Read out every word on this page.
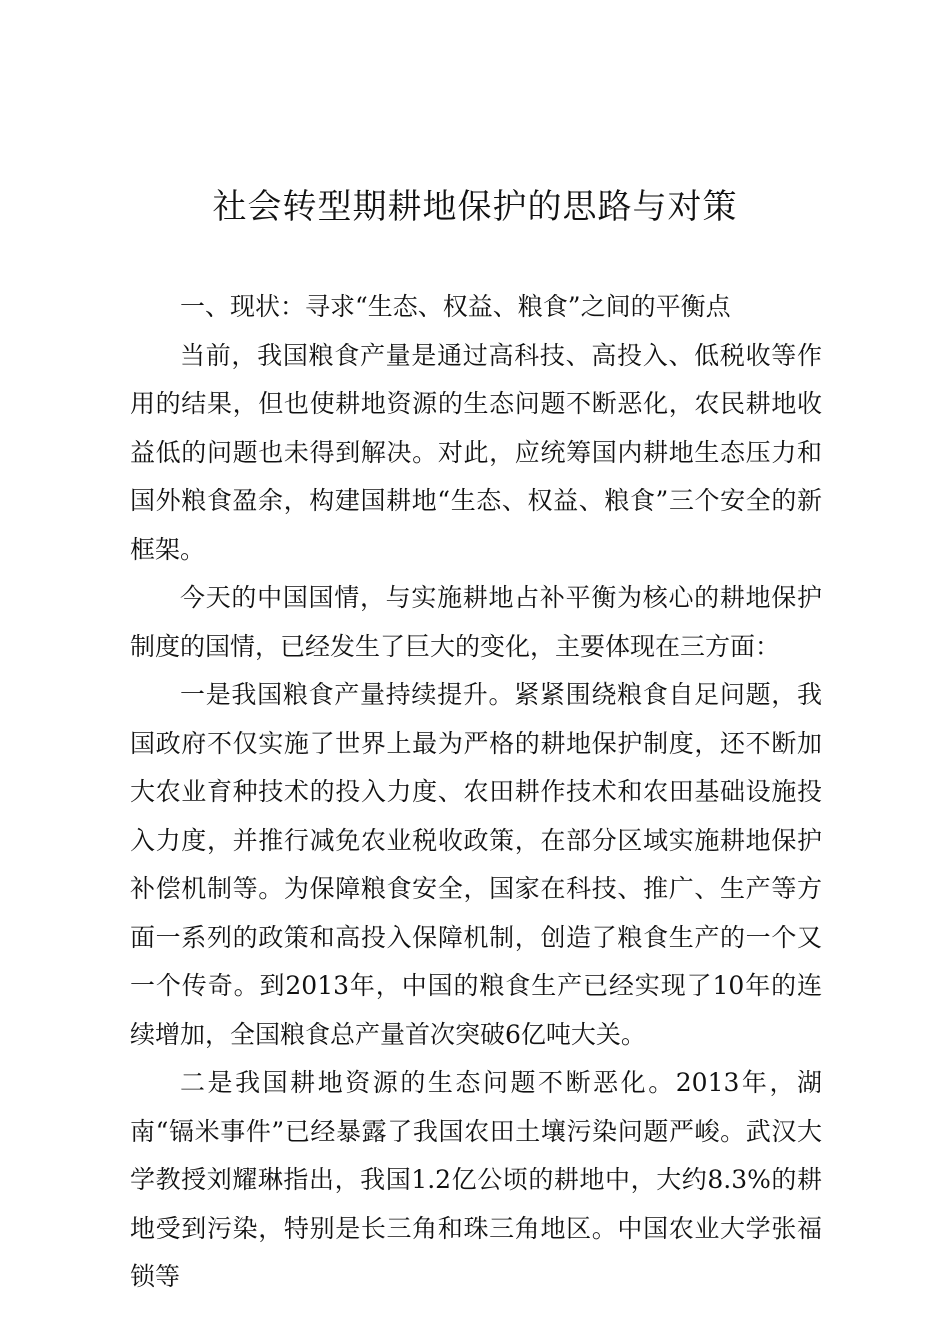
社会转型期耕地保护的思路与对策

一、现状：寻求“生态、权益、粮食”之间的平衡点

当前，我国粮食产量是通过高科技、高投入、低税收等作用的结果，但也使耕地资源的生态问题不断恶化，农民耕地收益低的问题也未得到解决。对此，应统筹国内耕地生态压力和国外粮食盈余，构建国耕地“生态、权益、粮食”三个安全的新框架。

今天的中国国情，与实施耕地占补平衡为核心的耕地保护制度的国情，已经发生了巨大的变化，主要体现在三方面：

一是我国粮食产量持续提升。紧紧围绕粮食自足问题，我国政府不仅实施了世界上最为严格的耕地保护制度，还不断加大农业育种技术的投入力度、农田耕作技术和农田基础设施投入力度，并推行减免农业税收政策，在部分区域实施耕地保护补偿机制等。为保障粮食安全，国家在科技、推广、生产等方面一系列的政策和高投入保障机制，创造了粮食生产的一个又一个传奇。到2013年，中国的粮食生产已经实现了10年的连续增加，全国粮食总产量首次突破6亿吨大关。

二是我国耕地资源的生态问题不断恶化。2013年，湖南“镉米事件”已经暴露了我国农田土壤污染问题严峻。武汉大学教授刘耀琳指出，我国1.2亿公顷的耕地中，大约8.3%的耕地受到污染，特别是长三角和珠三角地区。中国农业大学张福锁等
